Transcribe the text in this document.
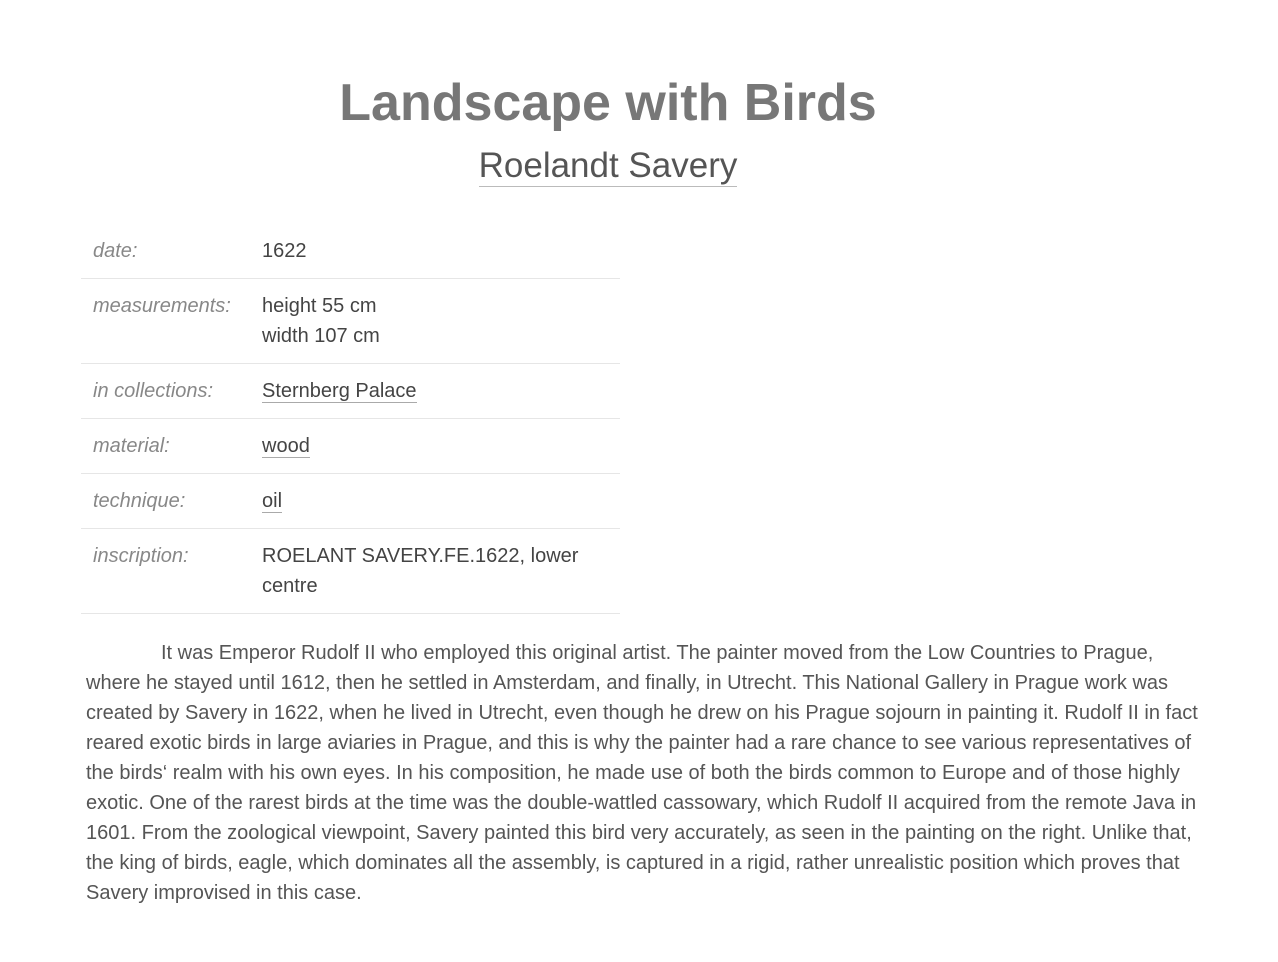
Landscape with Birds
Roelandt Savery
date:	1622
measurements:	height 55 cm
width 107 cm

in collections:	Sternberg Palace
material:	wood
technique:	oil
inscription:	ROELANT SAVERY.FE.1622, lower centre

It was Emperor Rudolf II who employed this original artist. The painter moved from the Low Countries to Prague, where he stayed until 1612, then he settled in Amsterdam, and finally, in Utrecht. This National Gallery in Prague work was created by Savery in 1622, when he lived in Utrecht, even though he drew on his Prague sojourn in painting it. Rudolf II in fact reared exotic birds in large aviaries in Prague, and this is why the painter had a rare chance to see various representatives of the birds‘ realm with his own eyes. In his composition, he made use of both the birds common to Europe and of those highly exotic. One of the rarest birds at the time was the double-wattled cassowary, which Rudolf II acquired from the remote Java in 1601. From the zoological viewpoint, Savery painted this bird very accurately, as seen in the painting on the right. Unlike that, the king of birds, eagle, which dominates all the assembly, is captured in a rigid, rather unrealistic position which proves that Savery improvised in this case.
